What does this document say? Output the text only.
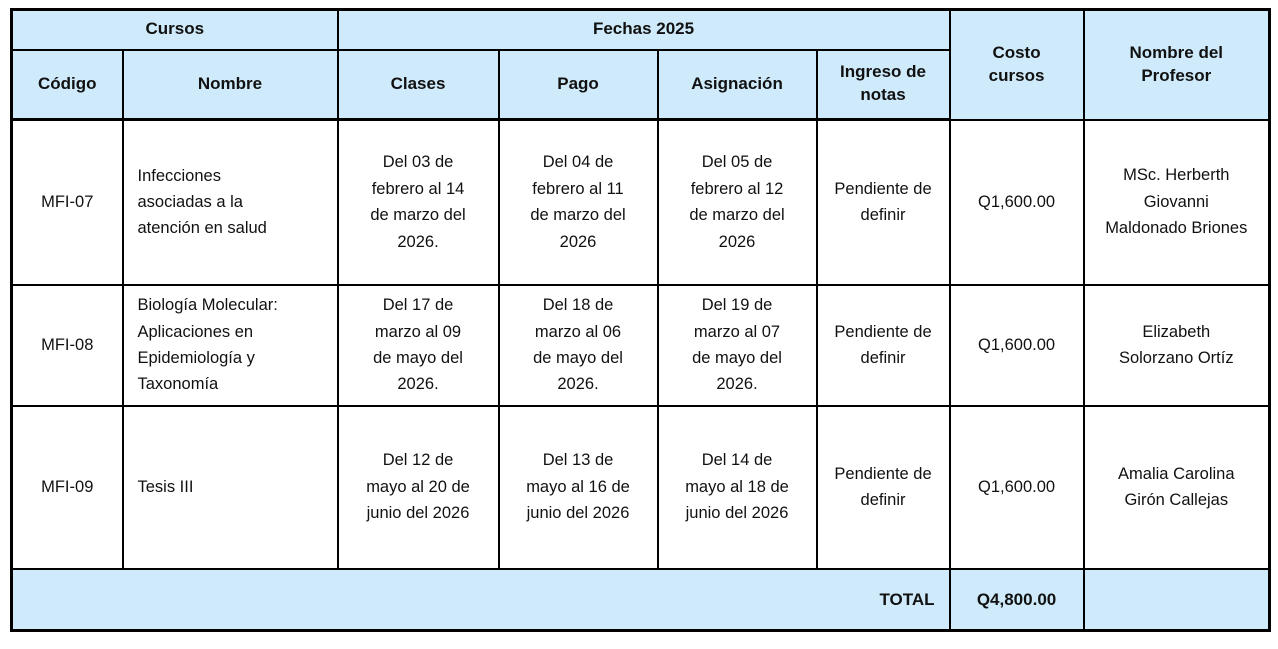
Cursos		Fechas 2025				Costo cursos	Nombre del Profesor
Código	Nombre	Clases	Pago	Asignación	Ingreso de notas		
MFI-07	Infecciones asociadas a la atención en salud	Del 03 de febrero al 14 de marzo del 2026.	Del 04 de febrero al 11 de marzo del 2026	Del 05 de febrero al 12 de marzo del 2026	Pendiente de definir	Q1,600.00	MSc. Herberth Giovanni Maldonado Briones
MFI-08	Biología Molecular: Aplicaciones en Epidemiología y Taxonomía	Del 17 de marzo al 09 de mayo del 2026.	Del 18 de marzo al 06 de mayo del 2026.	Del 19 de marzo al 07 de mayo del 2026.	Pendiente de definir	Q1,600.00	Elizabeth Solorzano Ortíz
MFI-09	Tesis III	Del 12 de mayo al 20 de junio del 2026	Del 13 de mayo al 16 de junio del 2026	Del 14 de mayo al 18 de junio del 2026	Pendiente de definir	Q1,600.00	Amalia Carolina Girón Callejas
TOTAL						Q4,800.00	
